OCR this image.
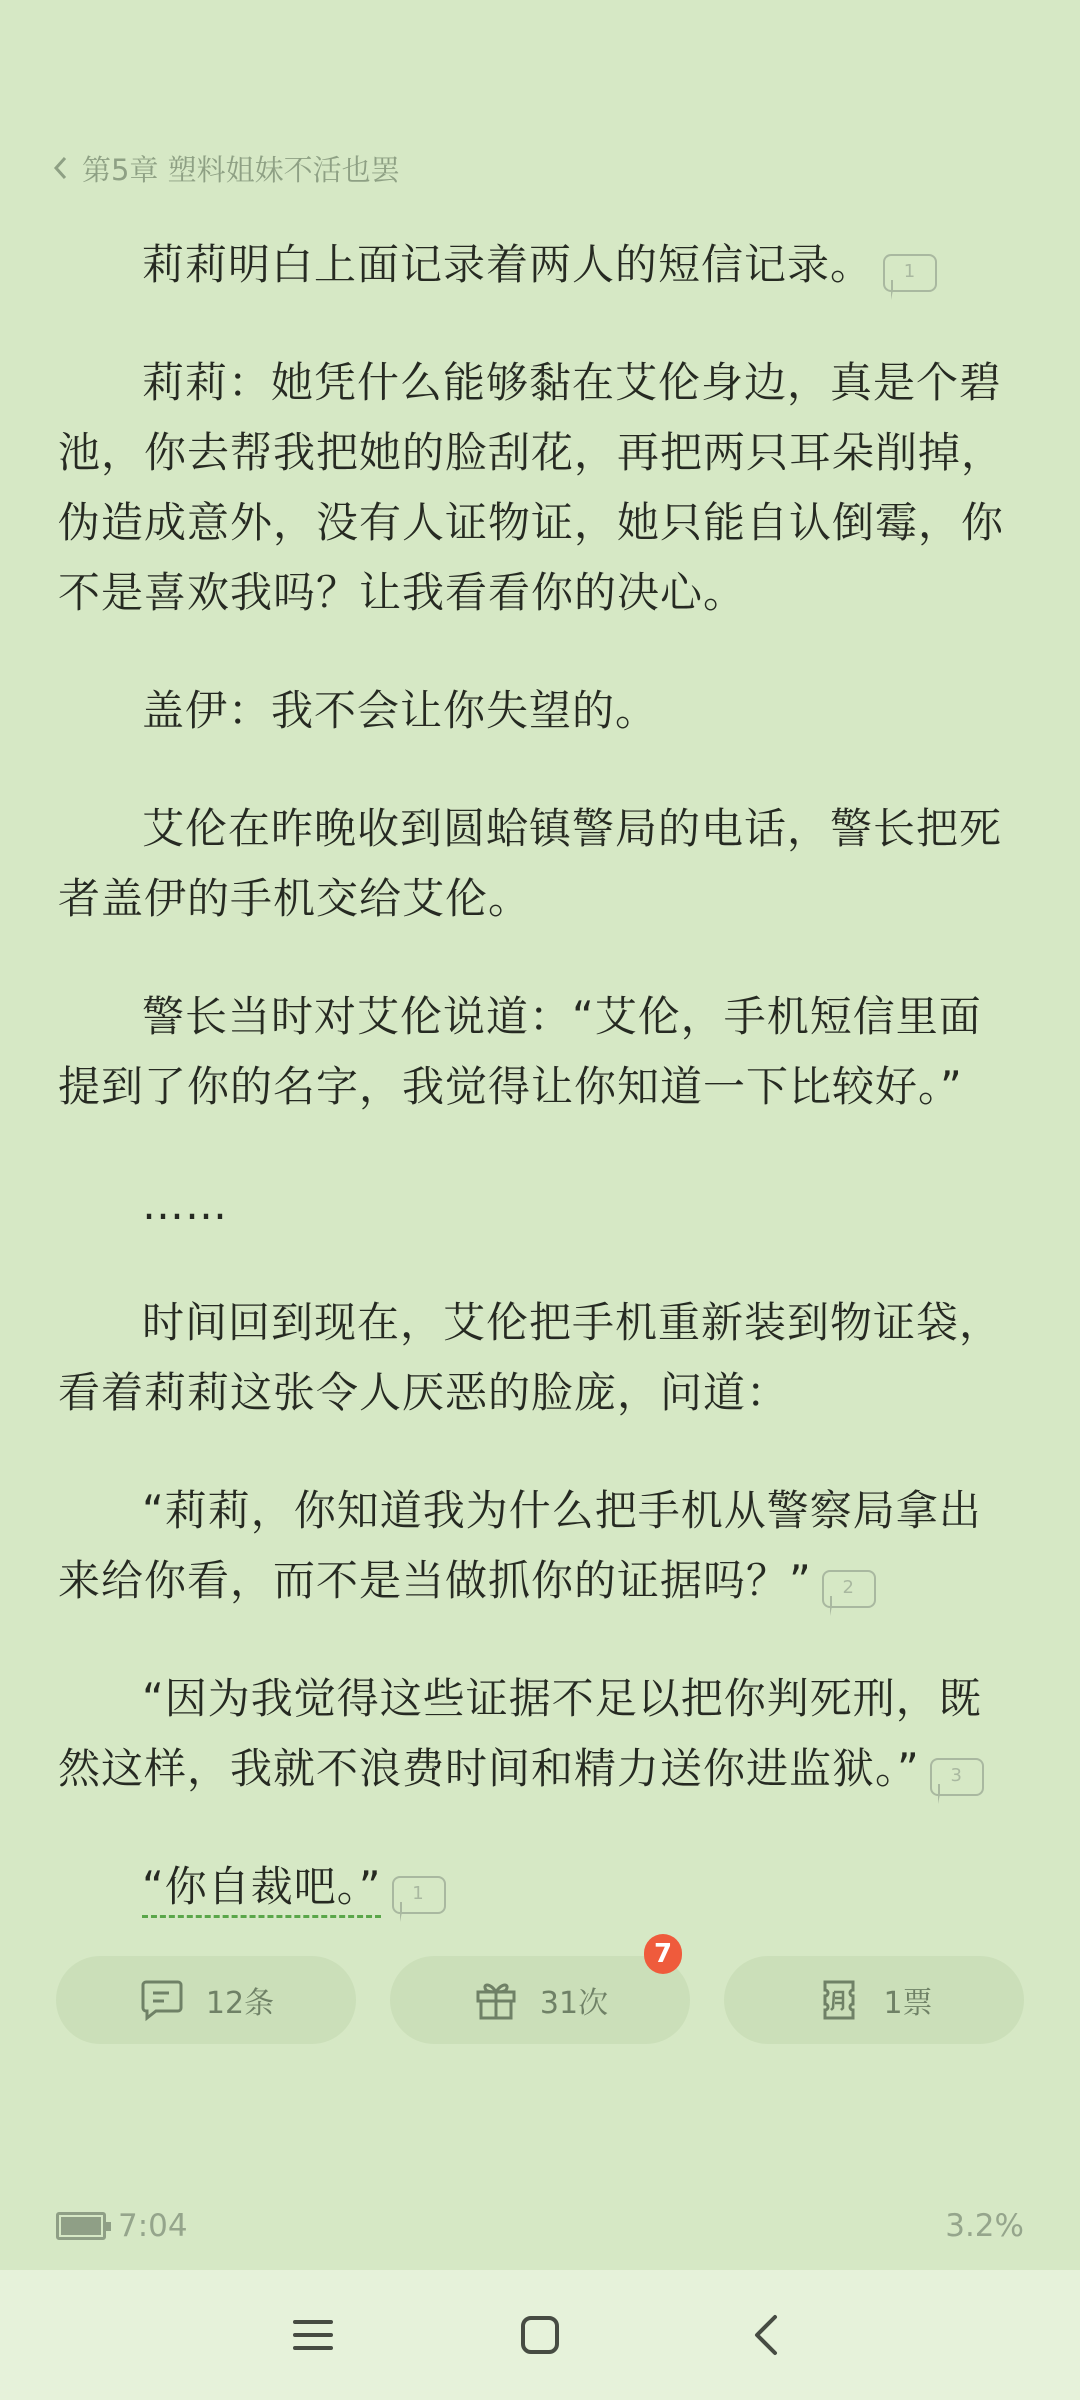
第5章 塑料姐妹不活也罢

莉莉明白上面记录着两人的短信记录。 1

莉莉：她凭什么能够黏在艾伦身边，真是个碧池，你去帮我把她的脸刮花，再把两只耳朵削掉，伪造成意外，没有人证物证，她只能自认倒霉，你不是喜欢我吗？让我看看你的决心。

盖伊：我不会让你失望的。

艾伦在昨晚收到圆蛤镇警局的电话，警长把死者盖伊的手机交给艾伦。

警长当时对艾伦说道：“艾伦，手机短信里面提到了你的名字，我觉得让你知道一下比较好。”

……

时间回到现在，艾伦把手机重新装到物证袋，看着莉莉这张令人厌恶的脸庞，问道：

“莉莉，你知道我为什么把手机从警察局拿出来给你看，而不是当做抓你的证据吗？” 2

“因为我觉得这些证据不足以把你判死刑，既然这样，我就不浪费时间和精力送你进监狱。” 3

“你自裁吧。” 1

12条	31次
7
1票
7:04	3.2%
